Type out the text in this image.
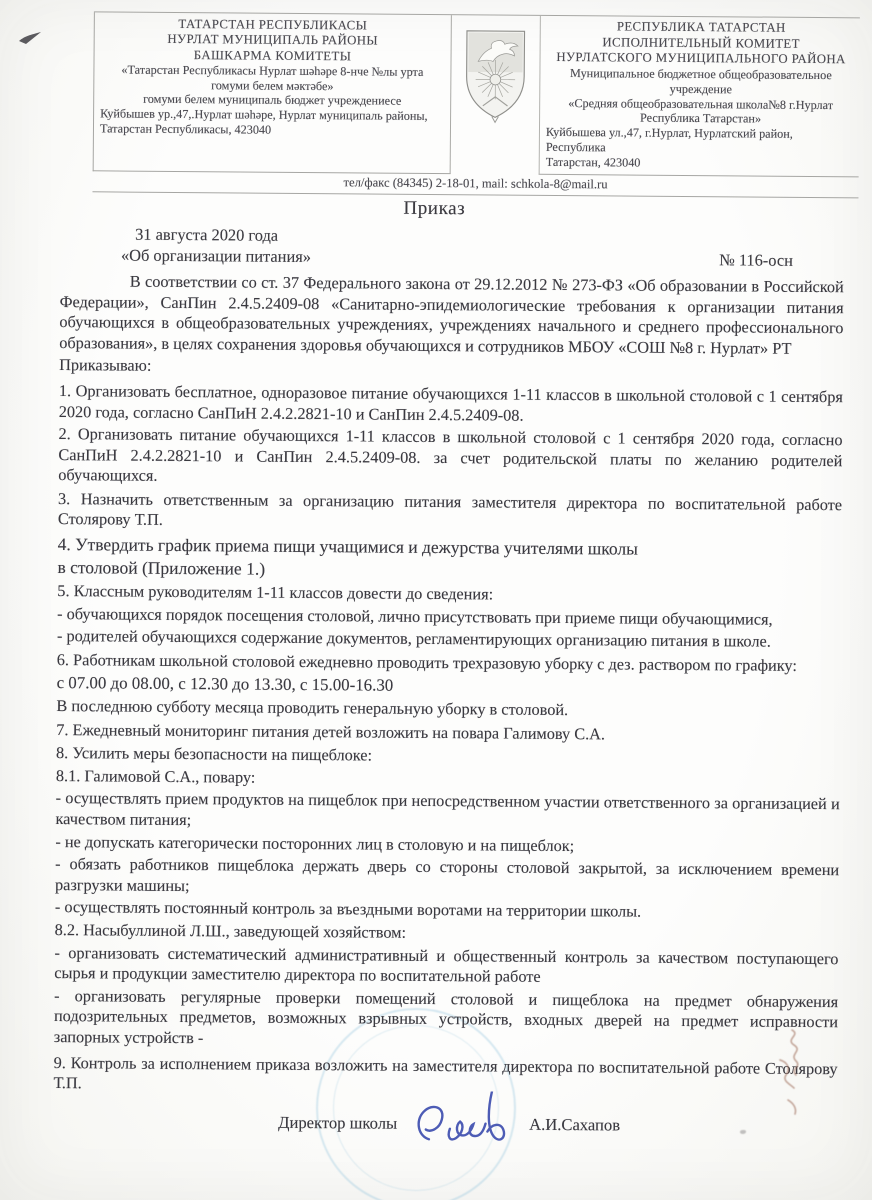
ТАТАРСТАН РЕСПУБЛИКАСЫ
НУРЛАТ МУНИЦИПАЛЬ РАЙОНЫ
БАШКАРМА КОМИТЕТЫ
«Татарстан Республикасы Нурлат шәһәре 8-нче №лы урта
гомуми белем мәктәбе»
гомуми белем муниципаль бюджет учреждениесе
Куйбышев ур.,47,.Нурлат шәһәре, Нурлат муниципаль районы,
Татарстан Республикасы, 423040
РЕСПУБЛИКА ТАТАРСТАН
ИСПОЛНИТЕЛЬНЫЙ КОМИТЕТ
НУРЛАТСКОГО МУНИЦИПАЛЬНОГО РАЙОНА
Муниципальное бюджетное общеобразовательное учреждение
«Средняя общеобразовательная школа№8 г.Нурлат
Республика Татарстан»
Куйбышева ул.,47, г.Нурлат, Нурлатский район, Республика
Татарстан, 423040
тел/факс (84345) 2-18-01, mail: schkola-8@mail.ru
Приказ
31 августа 2020 года
«Об организации питания»	№ 116-осн

В соответствии со ст. 37 Федерального закона от 29.12.2012 № 273-ФЗ «Об образовании в Российской Федерации», СанПин 2.4.5.2409-08 «Санитарно-эпидемиологические требования к организации питания обучающихся в общеобразовательных учреждениях, учреждениях начального и среднего профессионального образования», в целях сохранения здоровья обучающихся и сотрудников МБОУ «СОШ №8 г. Нурлат» РТ

Приказываю:

1. Организовать бесплатное, одноразовое питание обучающихся 1-11 классов в школьной столовой с 1 сентября 2020 года, согласно СанПиН 2.4.2.2821-10 и СанПин 2.4.5.2409-08.

2. Организовать питание обучающихся 1-11 классов в школьной столовой с 1 сентября 2020 года, согласно СанПиН 2.4.2.2821-10 и СанПин 2.4.5.2409-08. за счет родительской платы по желанию родителей обучающихся.

3. Назначить ответственным за организацию питания заместителя директора по воспитательной работе Столярову Т.П.

4. Утвердить график приема пищи учащимися и дежурства учителями школы
в столовой (Приложение 1.)

5. Классным руководителям 1-11 классов довести до сведения:

- обучающихся порядок посещения столовой, лично присутствовать при приеме пищи обучающимися,

- родителей обучающихся содержание документов, регламентирующих организацию питания в школе.

6. Работникам школьной столовой ежедневно проводить трехразовую уборку с дез. раствором по графику:

с 07.00 до 08.00, с 12.30 до 13.30, с 15.00-16.30

В последнюю субботу месяца проводить генеральную уборку в столовой.

7. Ежедневный мониторинг питания детей возложить на повара Галимову С.А.

8. Усилить меры безопасности на пищеблоке:

8.1. Галимовой С.А., повару:

- осуществлять прием продуктов на пищеблок при непосредственном участии ответственного за организацией и качеством питания;

- не допускать категорически посторонних лиц в столовую и на пищеблок;

- обязать работников пищеблока держать дверь со стороны столовой закрытой, за исключением времени разгрузки машины;

- осуществлять постоянный контроль за въездными воротами на территории школы.

8.2. Насыбуллиной Л.Ш., заведующей хозяйством:

- организовать систематический административный и общественный контроль за качеством поступающего сырья и продукции заместителю директора по воспитательной работе

- организовать регулярные проверки помещений столовой и пищеблока на предмет обнаружения подозрительных предметов, возможных взрывных устройств, входных дверей на предмет исправности запорных устройств -

9. Контроль за исполнением приказа возложить на заместителя директора по воспитательной работе Столярову Т.П.

Директор школы	А.И.Сахапов
